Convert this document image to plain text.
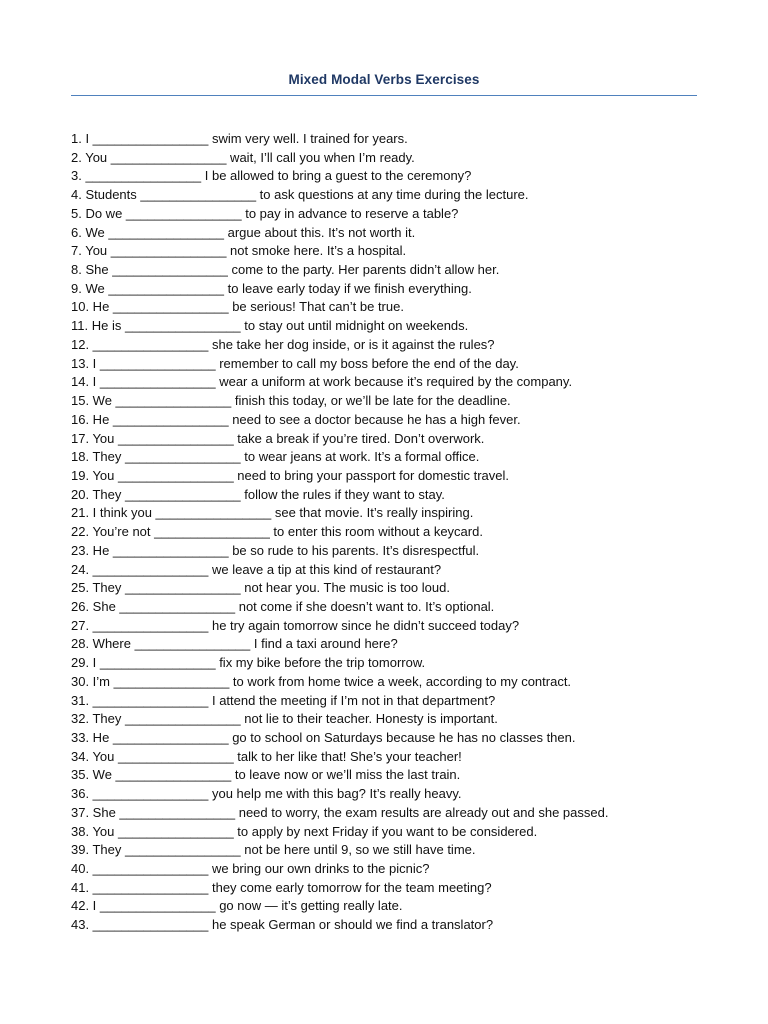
Mixed Modal Verbs Exercises
1. I ________________ swim very well. I trained for years.
2. You ________________ wait, I’ll call you when I’m ready.
3. ________________ I be allowed to bring a guest to the ceremony?
4. Students ________________ to ask questions at any time during the lecture.
5. Do we ________________ to pay in advance to reserve a table?
6. We ________________ argue about this. It’s not worth it.
7. You ________________ not smoke here. It’s a hospital.
8. She ________________ come to the party. Her parents didn’t allow her.
9. We ________________ to leave early today if we finish everything.
10. He ________________ be serious! That can’t be true.
11. He is ________________ to stay out until midnight on weekends.
12. ________________ she take her dog inside, or is it against the rules?
13. I ________________ remember to call my boss before the end of the day.
14. I ________________ wear a uniform at work because it’s required by the company.
15. We ________________ finish this today, or we’ll be late for the deadline.
16. He ________________ need to see a doctor because he has a high fever.
17. You ________________ take a break if you’re tired. Don’t overwork.
18. They ________________ to wear jeans at work. It’s a formal office.
19. You ________________ need to bring your passport for domestic travel.
20. They ________________ follow the rules if they want to stay.
21. I think you ________________ see that movie. It’s really inspiring.
22. You’re not ________________ to enter this room without a keycard.
23. He ________________ be so rude to his parents. It’s disrespectful.
24. ________________ we leave a tip at this kind of restaurant?
25. They ________________ not hear you. The music is too loud.
26. She ________________ not come if she doesn’t want to. It’s optional.
27. ________________ he try again tomorrow since he didn’t succeed today?
28. Where ________________ I find a taxi around here?
29. I ________________ fix my bike before the trip tomorrow.
30. I’m ________________ to work from home twice a week, according to my contract.
31. ________________ I attend the meeting if I’m not in that department?
32. They ________________ not lie to their teacher. Honesty is important.
33. He ________________ go to school on Saturdays because he has no classes then.
34. You ________________ talk to her like that! She’s your teacher!
35. We ________________ to leave now or we’ll miss the last train.
36. ________________ you help me with this bag? It’s really heavy.
37. She ________________ need to worry, the exam results are already out and she passed.
38. You ________________ to apply by next Friday if you want to be considered.
39. They ________________ not be here until 9, so we still have time.
40. ________________ we bring our own drinks to the picnic?
41. ________________ they come early tomorrow for the team meeting?
42. I ________________ go now — it’s getting really late.
43. ________________ he speak German or should we find a translator?
